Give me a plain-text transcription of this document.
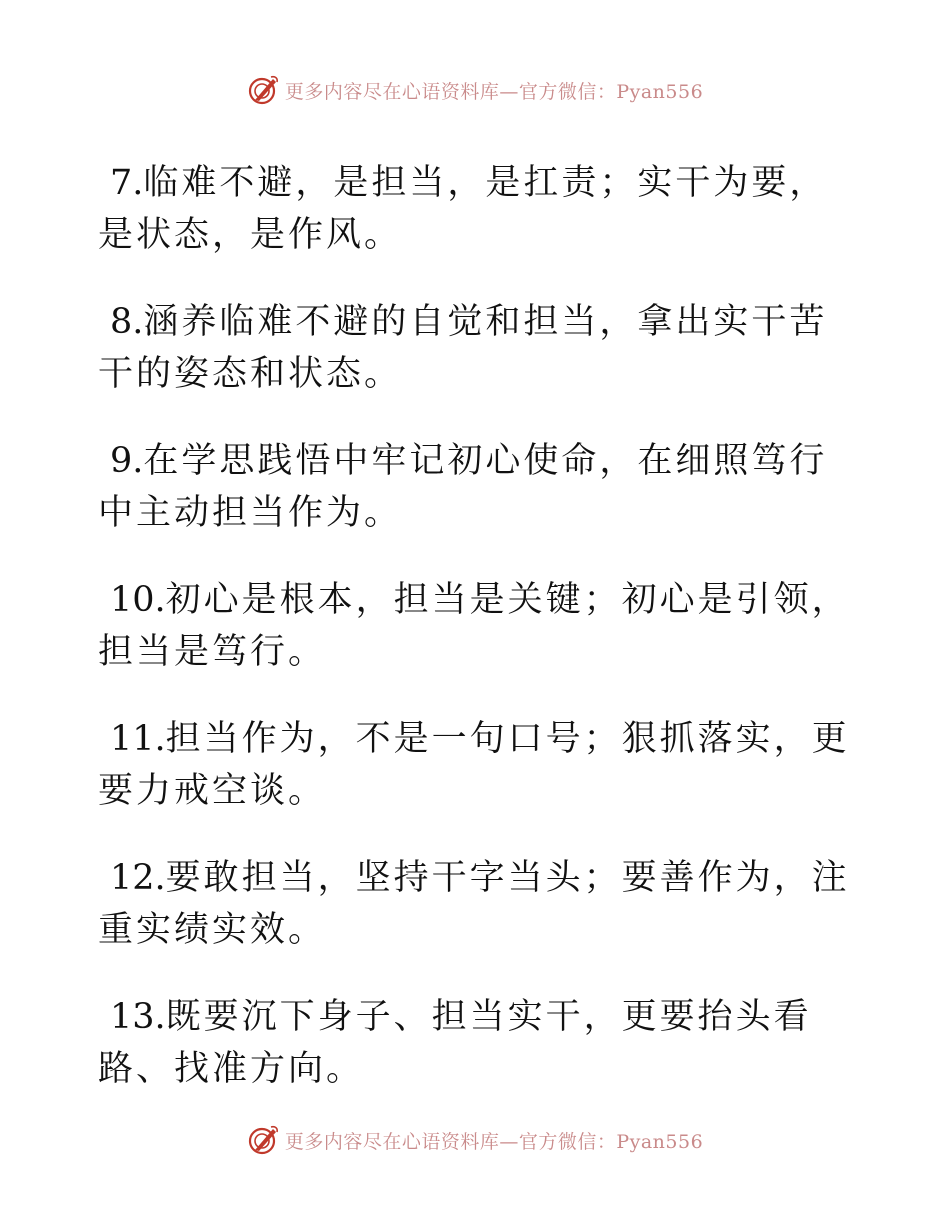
更多内容尽在心语资料库—官方微信：Pyan556

7.临难不避，是担当，是扛责；实干为要，是状态，是作风。

8.涵养临难不避的自觉和担当，拿出实干苦干的姿态和状态。

9.在学思践悟中牢记初心使命，在细照笃行中主动担当作为。

10.初心是根本，担当是关键；初心是引领，担当是笃行。

11.担当作为，不是一句口号；狠抓落实，更要力戒空谈。

12.要敢担当，坚持干字当头；要善作为，注重实绩实效。

13.既要沉下身子、担当实干，更要抬头看路、找准方向。

更多内容尽在心语资料库—官方微信：Pyan556
